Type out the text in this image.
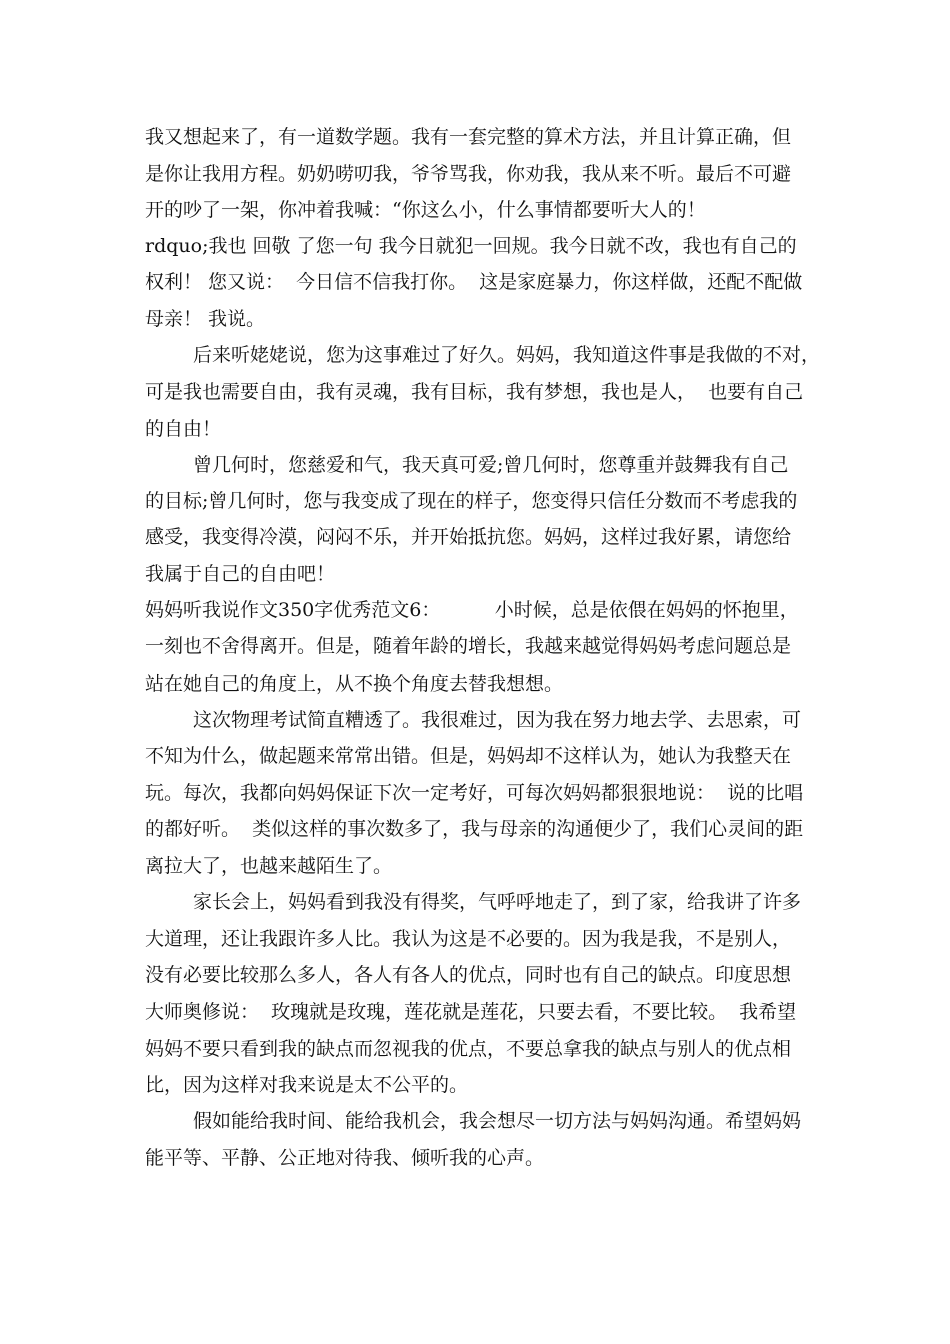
我又想起来了，有一道数学题。我有一套完整的算术方法，并且计算正确，但
是你让我用方程。奶奶唠叨我，爷爷骂我，你劝我，我从来不听。最后不可避
开的吵了一架，你冲着我喊：“你这么小，什么事情都要听大人的！
rdquo;我也 回敬 了您一句 我今日就犯一回规。我今日就不改，我也有自己的
权利！ 您又说：  今日信不信我打你。  这是家庭暴力，你这样做，还配不配做
母亲！ 我说。
后来听姥姥说，您为这事难过了好久。妈妈，我知道这件事是我做的不对，
可是我也需要自由，我有灵魂，我有目标，我有梦想，我也是人，  也要有自己
的自由！
曾几何时，您慈爱和气，我天真可爱;曾几何时，您尊重并鼓舞我有自己
的目标;曾几何时，您与我变成了现在的样子，您变得只信任分数而不考虑我的
感受，我变得冷漠，闷闷不乐，并开始抵抗您。妈妈，这样过我好累，请您给
我属于自己的自由吧！
妈妈听我说作文350字优秀范文6：         小时候，总是依偎在妈妈的怀抱里，
一刻也不舍得离开。但是，随着年龄的增长，我越来越觉得妈妈考虑问题总是
站在她自己的角度上，从不换个角度去替我想想。
这次物理考试简直糟透了。我很难过，因为我在努力地去学、去思索，可
不知为什么，做起题来常常出错。但是，妈妈却不这样认为，她认为我整天在
玩。每次，我都向妈妈保证下次一定考好，可每次妈妈都狠狠地说：  说的比唱
的都好听。  类似这样的事次数多了，我与母亲的沟通便少了，我们心灵间的距
离拉大了，也越来越陌生了。
家长会上，妈妈看到我没有得奖，气呼呼地走了，到了家，给我讲了许多
大道理，还让我跟许多人比。我认为这是不必要的。因为我是我，不是别人，
没有必要比较那么多人，各人有各人的优点，同时也有自己的缺点。印度思想
大师奥修说：  玫瑰就是玫瑰，莲花就是莲花，只要去看，不要比较。  我希望
妈妈不要只看到我的缺点而忽视我的优点，不要总拿我的缺点与别人的优点相
比，因为这样对我来说是太不公平的。
假如能给我时间、能给我机会，我会想尽一切方法与妈妈沟通。希望妈妈
能平等、平静、公正地对待我、倾听我的心声。
